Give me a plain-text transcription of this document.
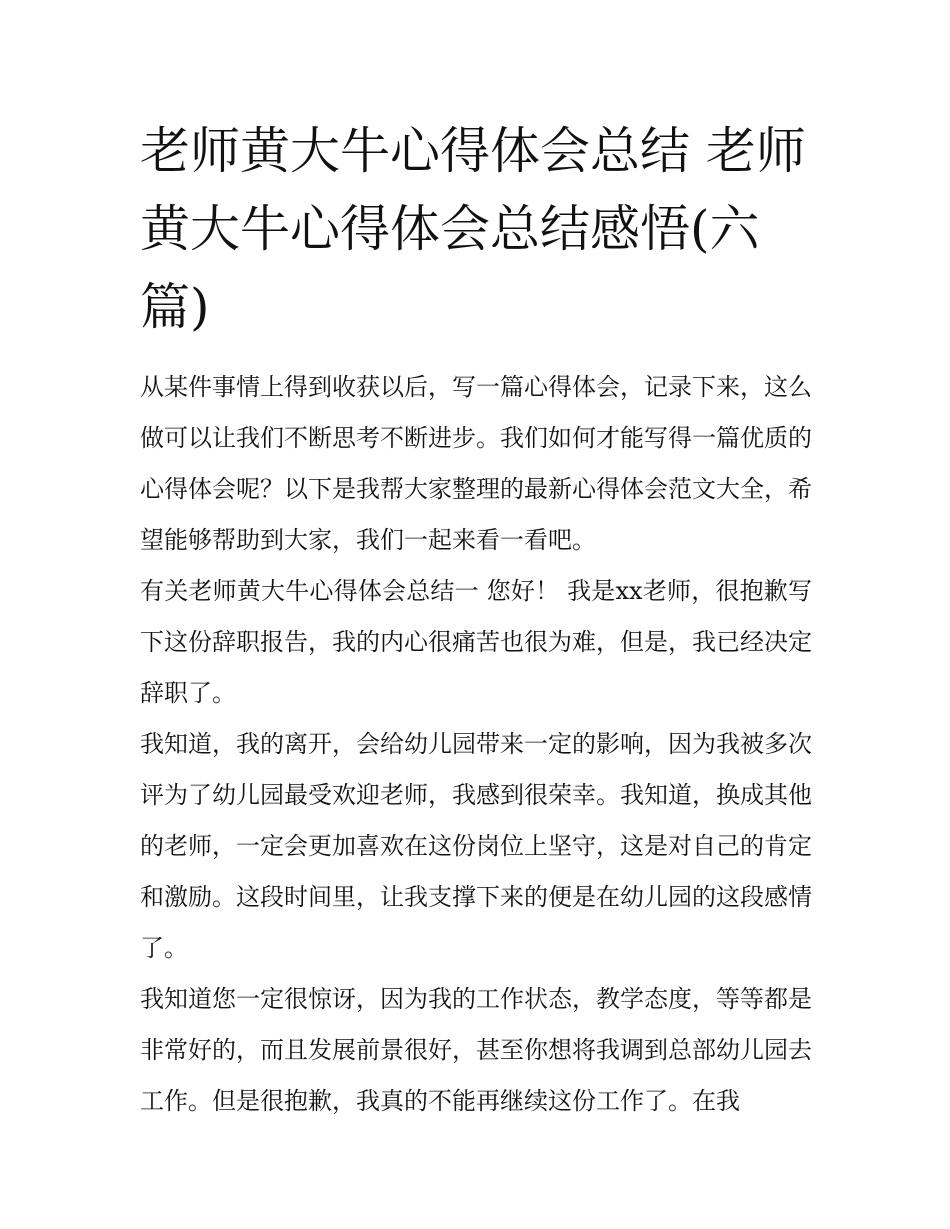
老师黄大牛心得体会总结 老师黄大牛心得体会总结感悟(六篇)

从某件事情上得到收获以后，写一篇心得体会，记录下来，这么做可以让我们不断思考不断进步。我们如何才能写得一篇优质的心得体会呢？以下是我帮大家整理的最新心得体会范文大全，希望能够帮助到大家，我们一起来看一看吧。

有关老师黄大牛心得体会总结一 您好！ 我是xx老师，很抱歉写下这份辞职报告，我的内心很痛苦也很为难，但是，我已经决定辞职了。

我知道，我的离开，会给幼儿园带来一定的影响，因为我被多次评为了幼儿园最受欢迎老师，我感到很荣幸。我知道，换成其他的老师，一定会更加喜欢在这份岗位上坚守，这是对自己的肯定和激励。这段时间里，让我支撑下来的便是在幼儿园的这段感情了。

我知道您一定很惊讶，因为我的工作状态，教学态度，等等都是非常好的，而且发展前景很好，甚至你想将我调到总部幼儿园去工作。但是很抱歉，我真的不能再继续这份工作了。在我
